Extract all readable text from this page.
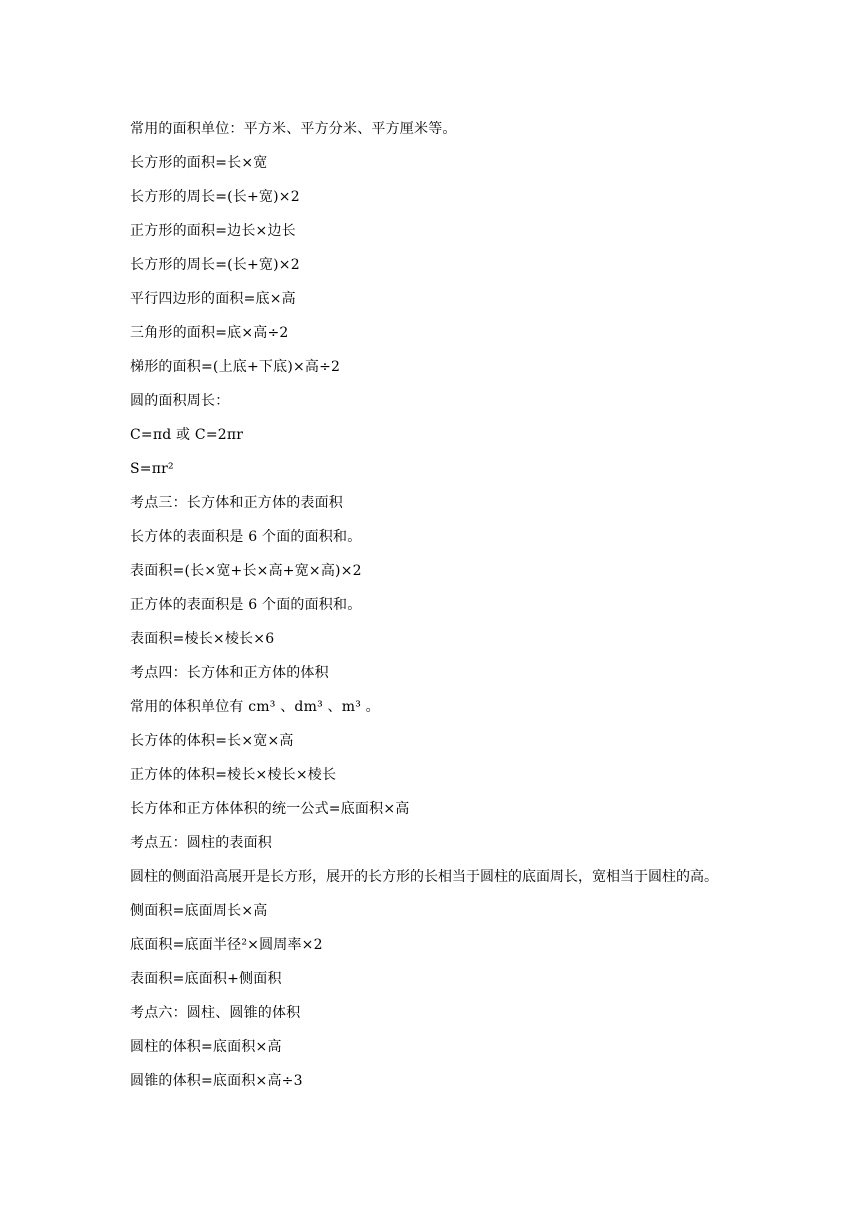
常用的面积单位：平方米、平方分米、平方厘米等。
长方形的面积=长×宽
长方形的周长=(长+宽)×2
正方形的面积=边长×边长
长方形的周长=(长+宽)×2
平行四边形的面积=底×高
三角形的面积=底×高÷2
梯形的面积=(上底+下底)×高÷2
圆的面积周长：
C=πd 或 C=2πr
S=πr²
考点三：长方体和正方体的表面积
长方体的表面积是 6 个面的面积和。
表面积=(长×宽+长×高+宽×高)×2
正方体的表面积是 6 个面的面积和。
表面积=棱长×棱长×6
考点四：长方体和正方体的体积
常用的体积单位有 cm³ 、dm³ 、m³ 。
长方体的体积=长×宽×高
正方体的体积=棱长×棱长×棱长
长方体和正方体体积的统一公式=底面积×高
考点五：圆柱的表面积
圆柱的侧面沿高展开是长方形，展开的长方形的长相当于圆柱的底面周长，宽相当于圆柱的高。
侧面积=底面周长×高
底面积=底面半径²×圆周率×2
表面积=底面积+侧面积
考点六：圆柱、圆锥的体积
圆柱的体积=底面积×高
圆锥的体积=底面积×高÷3
